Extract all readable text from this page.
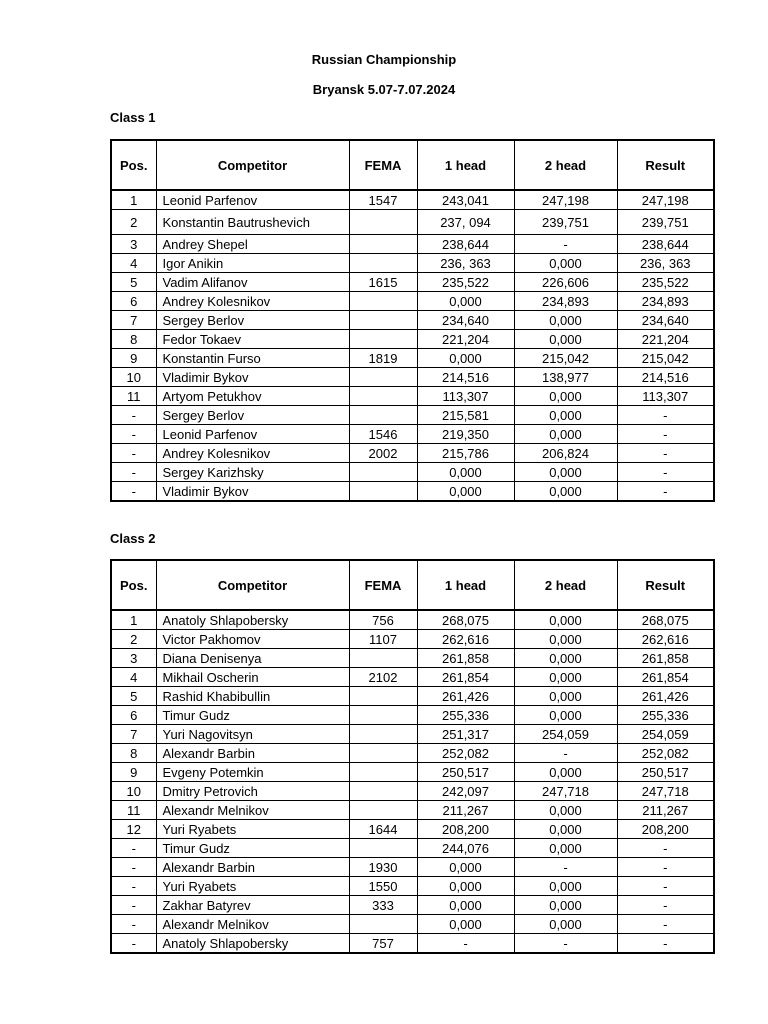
Russian Championship
Bryansk 5.07-7.07.2024
Class 1
Pos.	Competitor	FEMA	1 head	2 head	Result
1	Leonid Parfenov	1547	243,041	247,198	247,198
2	Konstantin Bautrushevich		237, 094	239,751	239,751
3	Andrey Shepel		238,644	-	238,644
4	Igor Anikin		236, 363	0,000	236, 363
5	Vadim Alifanov	1615	235,522	226,606	235,522
6	Andrey Kolesnikov		0,000	234,893	234,893
7	Sergey Berlov		234,640	0,000	234,640
8	Fedor Tokaev		221,204	0,000	221,204
9	Konstantin Furso	1819	0,000	215,042	215,042
10	Vladimir Bykov		214,516	138,977	214,516
11	Artyom Petukhov		113,307	0,000	113,307
-	Sergey Berlov		215,581	0,000	-
-	Leonid Parfenov	1546	219,350	0,000	-
-	Andrey Kolesnikov	2002	215,786	206,824	-
-	Sergey Karizhsky		0,000	0,000	-
-	Vladimir Bykov		0,000	0,000	-
Class 2
Pos.	Competitor	FEMA	1 head	2 head	Result
1	Anatoly Shlapobersky	756	268,075	0,000	268,075
2	Victor Pakhomov	1107	262,616	0,000	262,616
3	Diana Denisenya		261,858	0,000	261,858
4	Mikhail Oscherin	2102	261,854	0,000	261,854
5	Rashid Khabibullin		261,426	0,000	261,426
6	Timur Gudz		255,336	0,000	255,336
7	Yuri Nagovitsyn		251,317	254,059	254,059
8	Alexandr Barbin		252,082	-	252,082
9	Evgeny Potemkin		250,517	0,000	250,517
10	Dmitry Petrovich		242,097	247,718	247,718
11	Alexandr Melnikov		211,267	0,000	211,267
12	Yuri Ryabets	1644	208,200	0,000	208,200
-	Timur Gudz		244,076	0,000	-
-	Alexandr Barbin	1930	0,000	-	-
-	Yuri Ryabets	1550	0,000	0,000	-
-	Zakhar Batyrev	333	0,000	0,000	-
-	Alexandr Melnikov		0,000	0,000	-
-	Anatoly Shlapobersky	757	-	-	-
